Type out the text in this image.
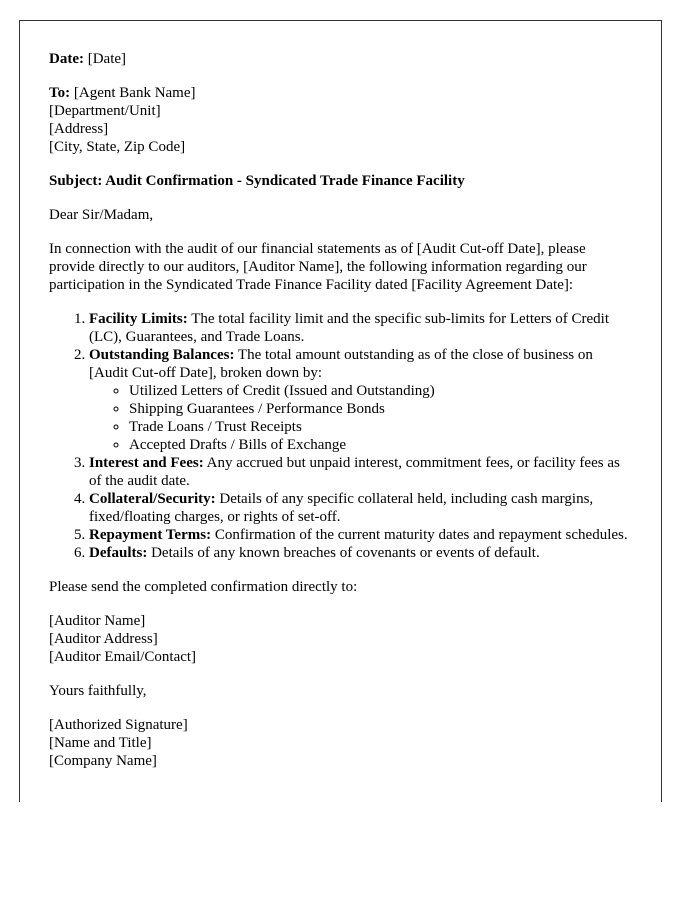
Date: [Date]

To: [Agent Bank Name]
[Department/Unit]
[Address]
[City, State, Zip Code]

Subject: Audit Confirmation - Syndicated Trade Finance Facility

Dear Sir/Madam,

In connection with the audit of our financial statements as of [Audit Cut-off Date], please provide directly to our auditors, [Auditor Name], the following information regarding our participation in the Syndicated Trade Finance Facility dated [Facility Agreement Date]:

1. Facility Limits: The total facility limit and the specific sub-limits for Letters of Credit (LC), Guarantees, and Trade Loans.
2. Outstanding Balances: The total amount outstanding as of the close of business on [Audit Cut-off Date], broken down by:
◦ Utilized Letters of Credit (Issued and Outstanding)
◦ Shipping Guarantees / Performance Bonds
◦ Trade Loans / Trust Receipts
◦ Accepted Drafts / Bills of Exchange
3. Interest and Fees: Any accrued but unpaid interest, commitment fees, or facility fees as of the audit date.
4. Collateral/Security: Details of any specific collateral held, including cash margins, fixed/floating charges, or rights of set-off.
5. Repayment Terms: Confirmation of the current maturity dates and repayment schedules.
6. Defaults: Details of any known breaches of covenants or events of default.

Please send the completed confirmation directly to:

[Auditor Name]
[Auditor Address]
[Auditor Email/Contact]

Yours faithfully,

[Authorized Signature]
[Name and Title]
[Company Name]
